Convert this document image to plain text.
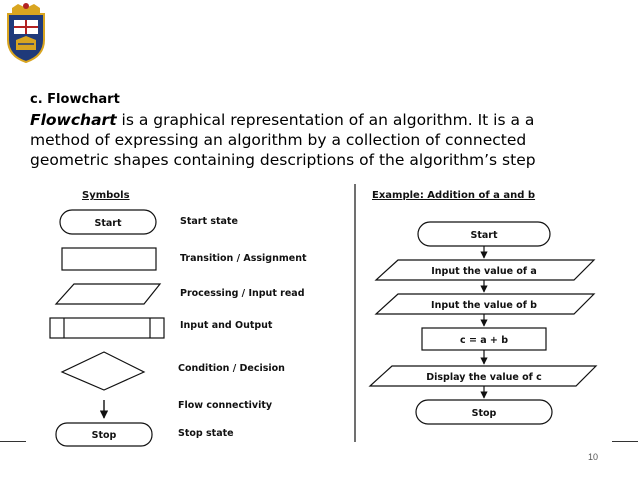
c. Flowchart

Flowchart is a graphical representation of an algorithm. It is a a method of expressing an algorithm by a collection of connected geometric shapes containing descriptions of the algorithm’s step

Symbols
Start	Start state
Transition / Assignment
Processing / Input read
Input and Output
Condition / Decision
Flow connectivity
Stop	Stop state
Example: Addition of a and b
Start
Input the value of a
Input the value of b
c = a + b
Display the value of c
Stop
10
